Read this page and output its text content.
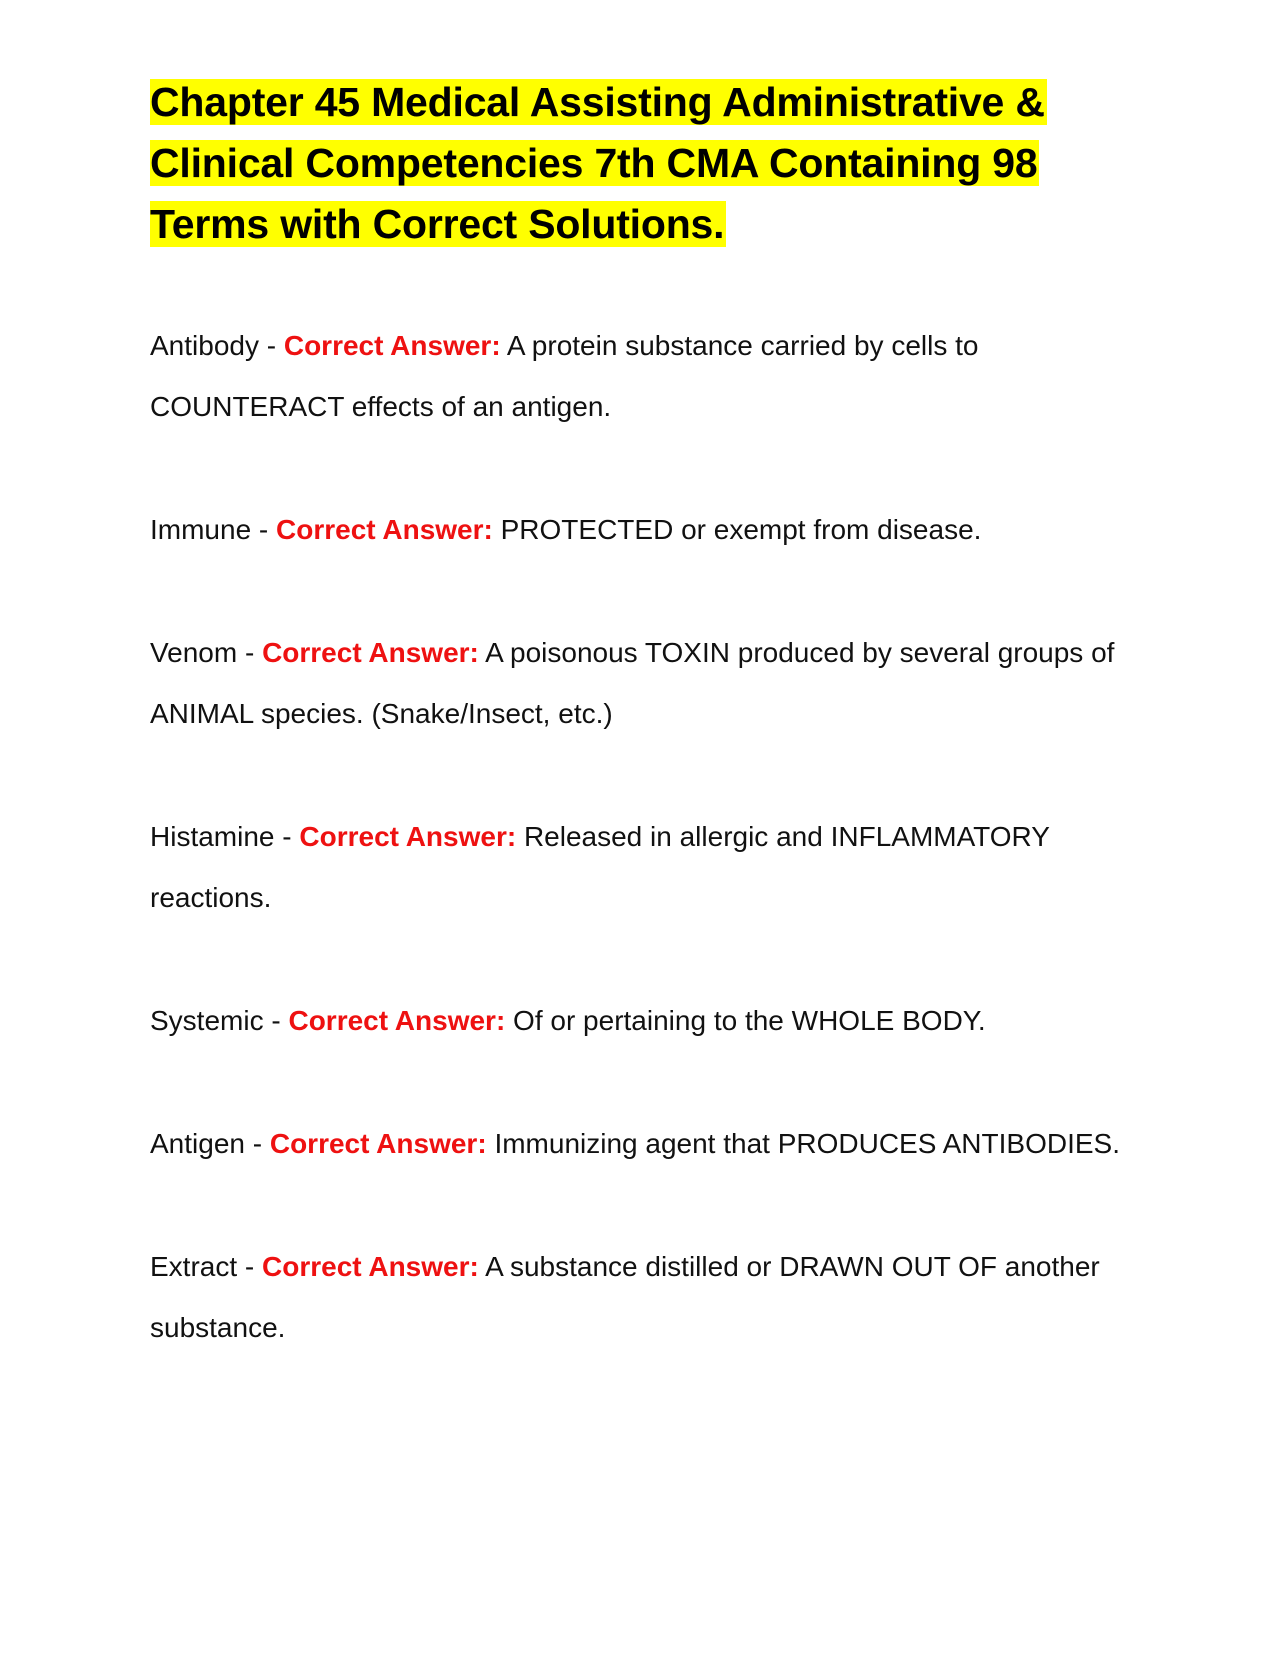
Chapter 45 Medical Assisting Administrative & Clinical Competencies 7th CMA Containing 98 Terms with Correct Solutions.

Antibody - Correct Answer: A protein substance carried by cells to COUNTERACT effects of an antigen.

Immune - Correct Answer: PROTECTED or exempt from disease.

Venom - Correct Answer: A poisonous TOXIN produced by several groups of ANIMAL species. (Snake/Insect, etc.)

Histamine - Correct Answer: Released in allergic and INFLAMMATORY reactions.

Systemic - Correct Answer: Of or pertaining to the WHOLE BODY.

Antigen - Correct Answer: Immunizing agent that PRODUCES ANTIBODIES.

Extract - Correct Answer: A substance distilled or DRAWN OUT OF another substance.
